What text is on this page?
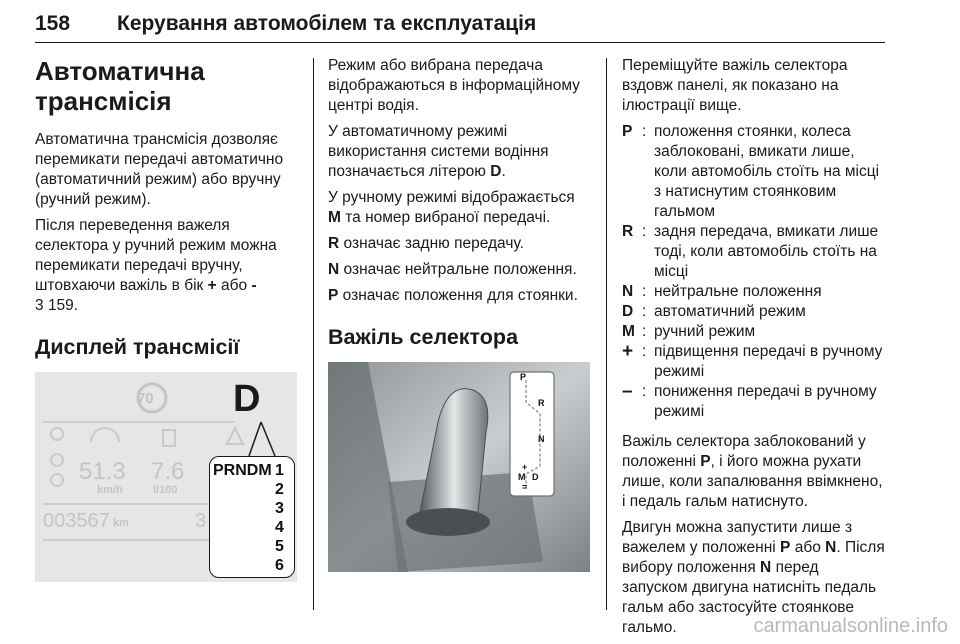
158 Керування автомобілем та експлуатація
Автоматична трансмісія

Автоматична трансмісія дозволяє перемикати передачі автоматично (автоматичний режим) або вручну (ручний режим).

Після переведення важеля селектора у ручний режим можна перемикати передачі вручну, штовхаючи важіль в бік + або -
3 159.

Дисплей трансмісії
70 D
51.3
km/h
7.6
l/100
003567 km	3
PRNDM 1
2
3
4
5
6

Режим або вибрана передача відображаються в інформаційному центрі водія.

У автоматичному режимі використання системи водіння позначається літерою D.

У ручному режимі відображається M та номер вибраної передачі.

R означає задню передачу.

N означає нейтральне положення.

P означає положення для стоянки.

Важіль селектора
P
R
N
+
M D
=

Переміщуйте важіль селектора вздовж панелі, як показано на ілюстрації вище.

P : положення стоянки, колеса заблоковані, вмикати лише, коли автомобіль стоїть на місці з натиснутим стоянковим гальмом
R : задня передача, вмикати лише тоді, коли автомобіль стоїть на місці
N : нейтральне положення
D : автоматичний режим
M : ручний режим
+ : підвищення передачі в ручному режимі
– : пониження передачі в ручному режимі

Важіль селектора заблокований у положенні P, і його можна рухати лише, коли запалювання ввімкнено, і педаль гальм натиснуто.

Двигун можна запустити лише з важелем у положенні P або N. Після вибору положення N перед запуском двигуна натисніть педаль гальм або застосуйте стоянкове гальмо.	carmanualsonline.info
